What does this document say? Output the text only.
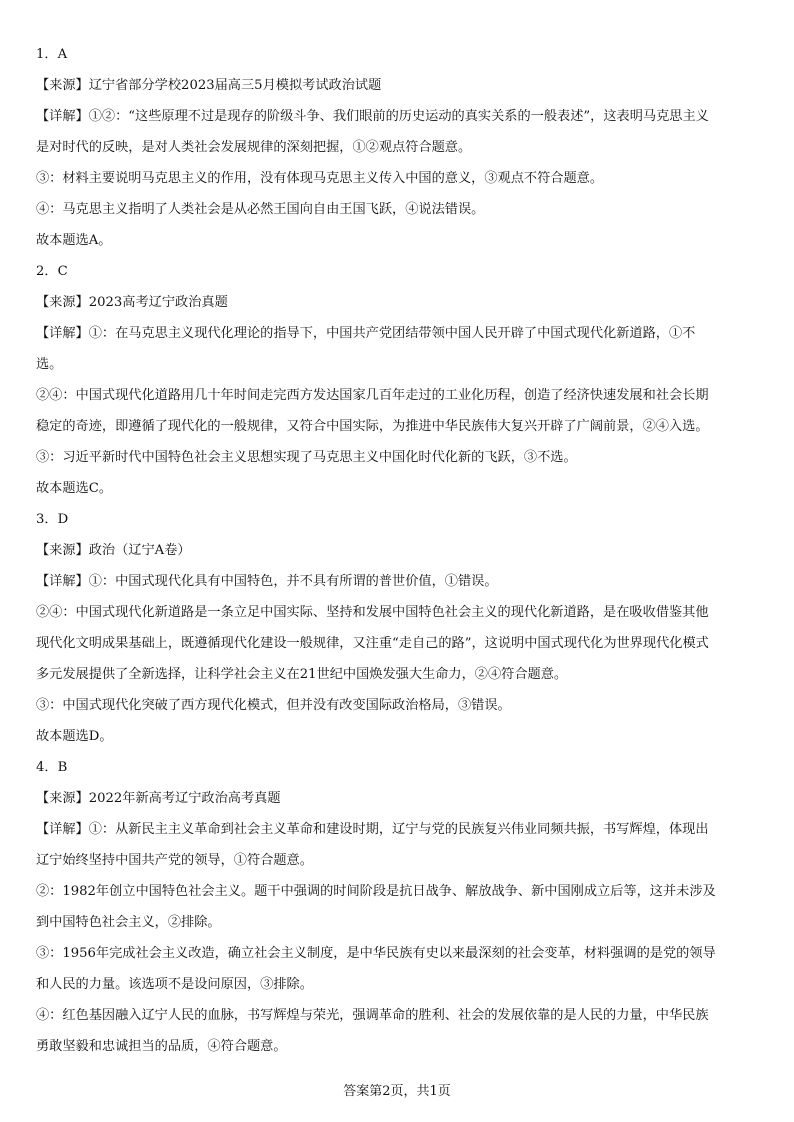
1．A
【来源】辽宁省部分学校2023届高三5月模拟考试政治试题
【详解】①②：“这些原理不过是现存的阶级斗争、我们眼前的历史运动的真实关系的一般表述”，这表明马克思主义
是对时代的反映，是对人类社会发展规律的深刻把握，①②观点符合题意。
③：材料主要说明马克思主义的作用，没有体现马克思主义传入中国的意义，③观点不符合题意。
④：马克思主义指明了人类社会是从必然王国向自由王国飞跃，④说法错误。
故本题选A。
2．C
【来源】2023高考辽宁政治真题
【详解】①：在马克思主义现代化理论的指导下，中国共产党团结带领中国人民开辟了中国式现代化新道路，①不
选。
②④：中国式现代化道路用几十年时间走完西方发达国家几百年走过的工业化历程，创造了经济快速发展和社会长期
稳定的奇迹，即遵循了现代化的一般规律，又符合中国实际，为推进中华民族伟大复兴开辟了广阔前景，②④入选。
③：习近平新时代中国特色社会主义思想实现了马克思主义中国化时代化新的飞跃，③不选。
故本题选C。
3．D
【来源】政治（辽宁A卷）
【详解】①：中国式现代化具有中国特色，并不具有所谓的普世价值，①错误。
②④：中国式现代化新道路是一条立足中国实际、坚持和发展中国特色社会主义的现代化新道路，是在吸收借鉴其他
现代化文明成果基础上，既遵循现代化建设一般规律，又注重“走自己的路”，这说明中国式现代化为世界现代化模式
多元发展提供了全新选择，让科学社会主义在21世纪中国焕发强大生命力，②④符合题意。
③：中国式现代化突破了西方现代化模式，但并没有改变国际政治格局，③错误。
故本题选D。
4．B
【来源】2022年新高考辽宁政治高考真题
【详解】①：从新民主主义革命到社会主义革命和建设时期，辽宁与党的民族复兴伟业同频共振，书写辉煌，体现出
辽宁始终坚持中国共产党的领导，①符合题意。
②：1982年创立中国特色社会主义。题干中强调的时间阶段是抗日战争、解放战争、新中国刚成立后等，这并未涉及
到中国特色社会主义，②排除。
③：1956年完成社会主义改造，确立社会主义制度，是中华民族有史以来最深刻的社会变革，材料强调的是党的领导
和人民的力量。该选项不是设问原因，③排除。
④：红色基因融入辽宁人民的血脉，书写辉煌与荣光，强调革命的胜利、社会的发展依靠的是人民的力量，中华民族
勇敢坚毅和忠诚担当的品质，④符合题意。
答案第2页，共1页
